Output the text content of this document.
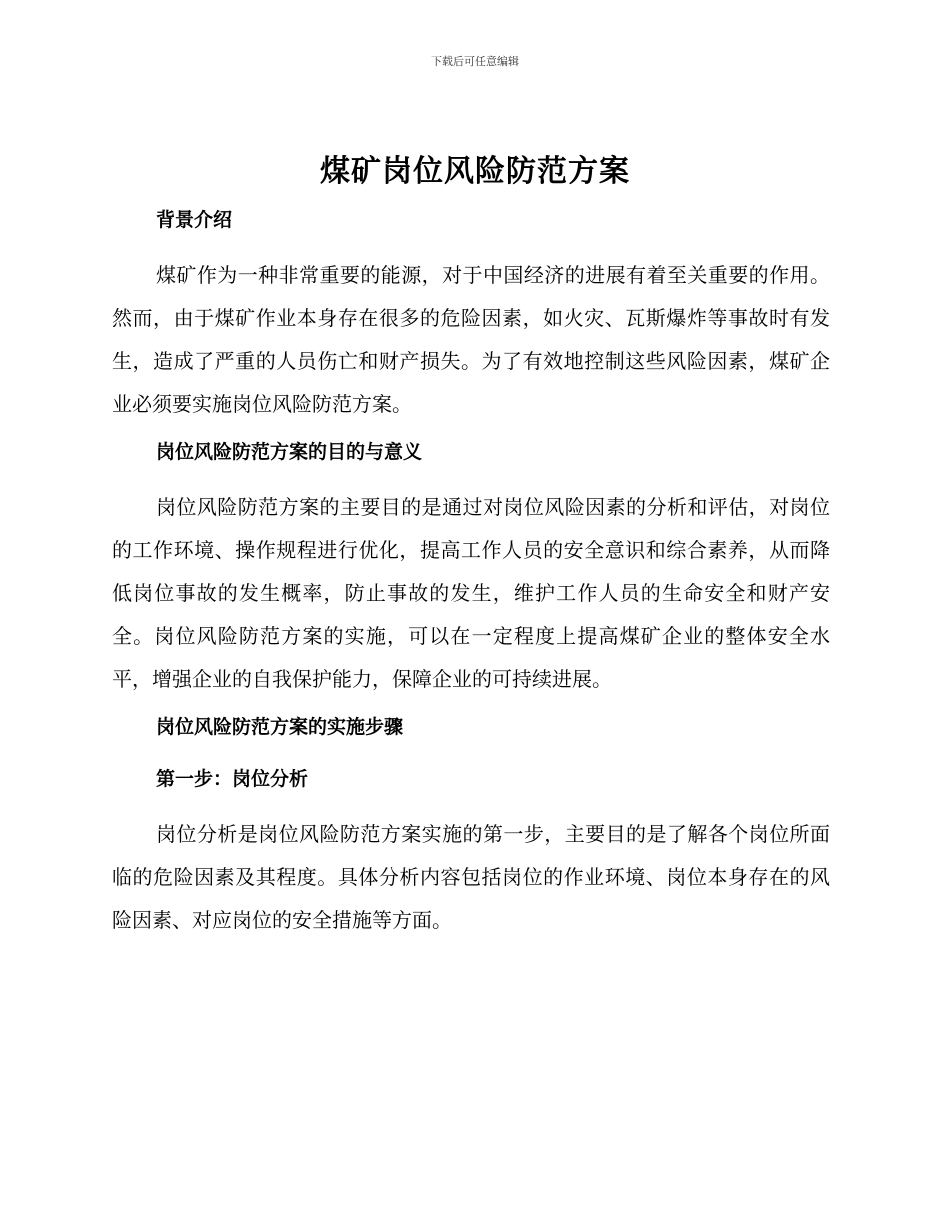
下载后可任意编辑
煤矿岗位风险防范方案
背景介绍

煤矿作为一种非常重要的能源，对于中国经济的进展有着至关重要的作用。然而，由于煤矿作业本身存在很多的危险因素，如火灾、瓦斯爆炸等事故时有发生，造成了严重的人员伤亡和财产损失。为了有效地控制这些风险因素，煤矿企业必须要实施岗位风险防范方案。

岗位风险防范方案的目的与意义

岗位风险防范方案的主要目的是通过对岗位风险因素的分析和评估，对岗位的工作环境、操作规程进行优化，提高工作人员的安全意识和综合素养，从而降低岗位事故的发生概率，防止事故的发生，维护工作人员的生命安全和财产安全。岗位风险防范方案的实施，可以在一定程度上提高煤矿企业的整体安全水平，增强企业的自我保护能力，保障企业的可持续进展。

岗位风险防范方案的实施步骤
第一步：岗位分析

岗位分析是岗位风险防范方案实施的第一步，主要目的是了解各个岗位所面临的危险因素及其程度。具体分析内容包括岗位的作业环境、岗位本身存在的风险因素、对应岗位的安全措施等方面。
